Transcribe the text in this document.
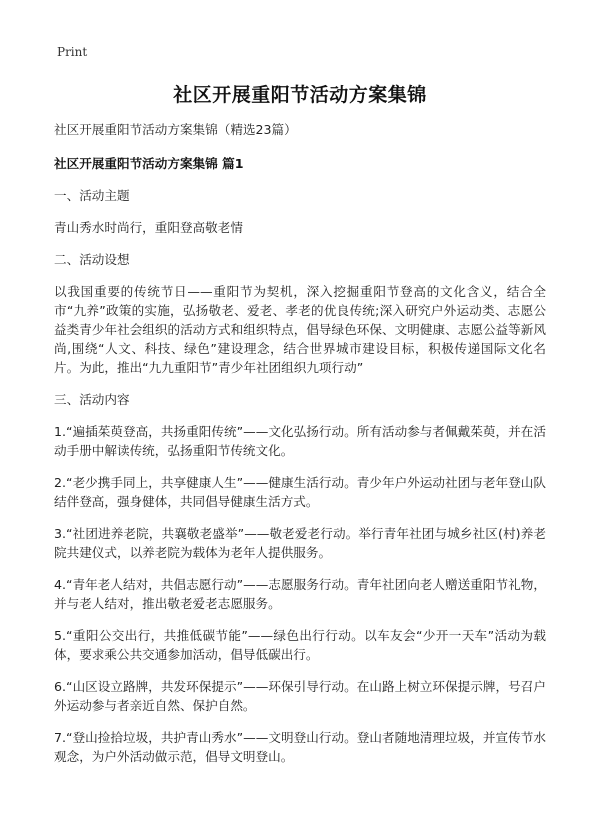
Print
社区开展重阳节活动方案集锦

社区开展重阳节活动方案集锦（精选23篇）

社区开展重阳节活动方案集锦 篇1

一、活动主题

青山秀水时尚行，重阳登高敬老情

二、活动设想

以我国重要的传统节日——重阳节为契机，深入挖掘重阳节登高的文化含义，结合全市“九养”政策的实施，弘扬敬老、爱老、孝老的优良传统;深入研究户外运动类、志愿公益类青少年社会组织的活动方式和组织特点，倡导绿色环保、文明健康、志愿公益等新风尚,围绕“人文、科技、绿色”建设理念，结合世界城市建设目标，积极传递国际文化名片。为此，推出“九九重阳节”青少年社团组织九项行动”

三、活动内容

1.“遍插茱萸登高，共扬重阳传统”——文化弘扬行动。所有活动参与者佩戴茱萸，并在活动手册中解读传统，弘扬重阳节传统文化。

2.“老少携手同上，共享健康人生”——健康生活行动。青少年户外运动社团与老年登山队结伴登高，强身健体，共同倡导健康生活方式。

3.“社团进养老院，共襄敬老盛举”——敬老爱老行动。举行青年社团与城乡社区(村)养老院共建仪式，以养老院为载体为老年人提供服务。

4.“青年老人结对，共倡志愿行动”——志愿服务行动。青年社团向老人赠送重阳节礼物，并与老人结对，推出敬老爱老志愿服务。

5.“重阳公交出行，共推低碳节能”——绿色出行行动。以车友会“少开一天车”活动为载体，要求乘公共交通参加活动，倡导低碳出行。

6.“山区设立路牌，共发环保提示”——环保引导行动。在山路上树立环保提示牌，号召户外运动参与者亲近自然、保护自然。

7.“登山捡拾垃圾，共护青山秀水”——文明登山行动。登山者随地清理垃圾，并宣传节水观念，为户外活动做示范，倡导文明登山。
